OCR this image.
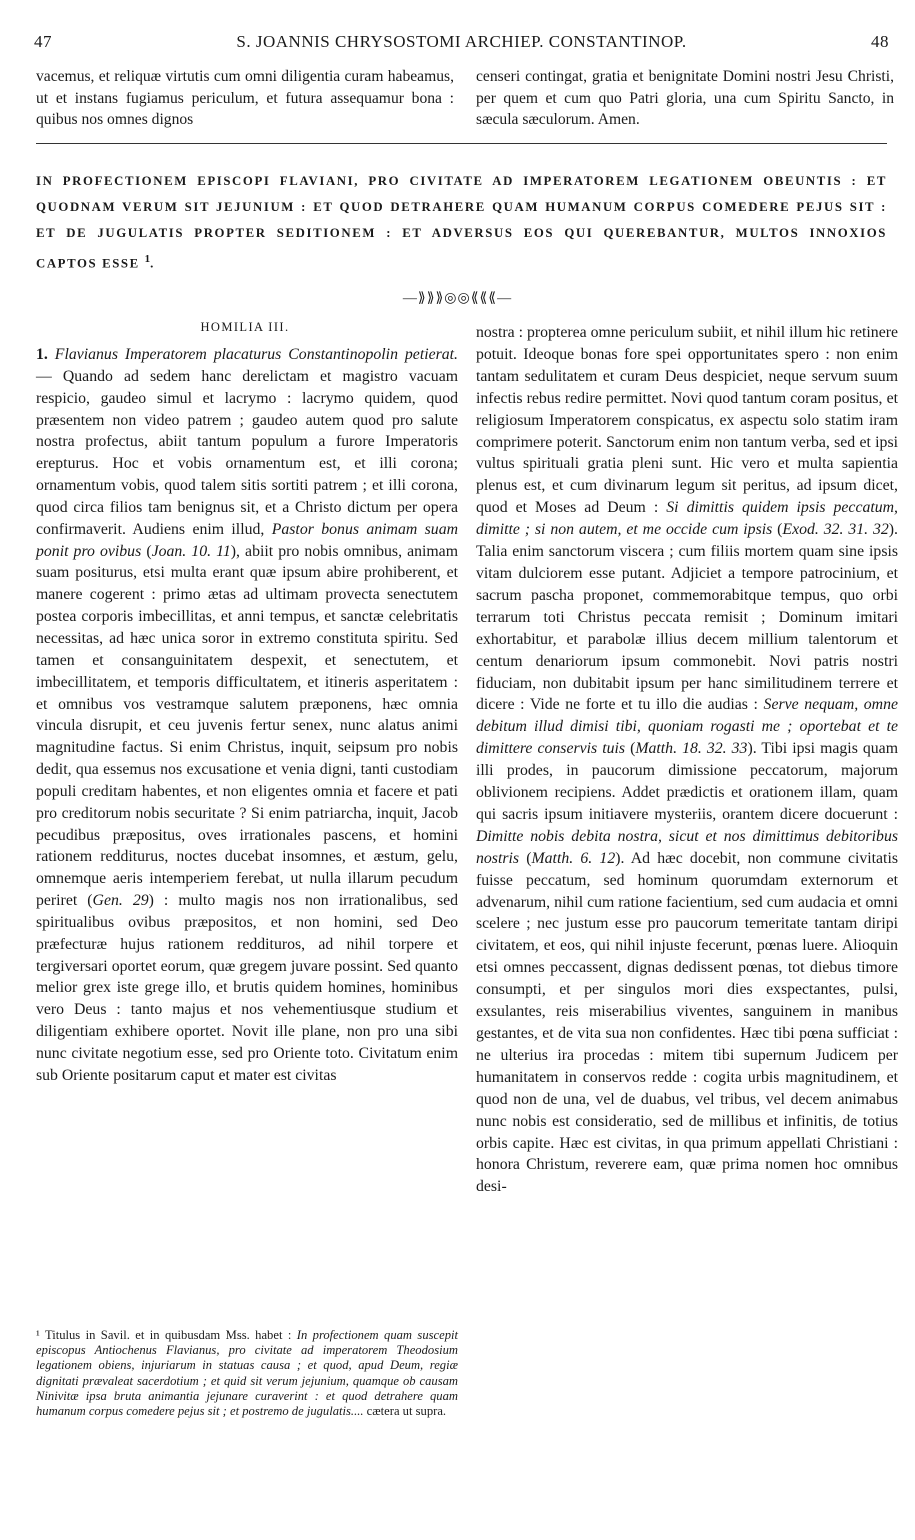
47	S. JOANNIS CHRYSOSTOMI ARCHIEP. CONSTANTINOP.	48

vacemus, et reliquæ virtutis cum omni diligentia curam habeamus, ut et instans fugiamus periculum, et futura assequamur bona : quibus nos omnes dignos

censeri contingat, gratia et benignitate Domini nostri Jesu Christi, per quem et cum quo Patri gloria, una cum Spiritu Sancto, in sæcula sæculorum. Amen.

IN PROFECTIONEM EPISCOPI FLAVIANI, PRO CIVITATE AD IMPERATOREM LEGATIONEM OBEUNTIS : ET QUODNAM VERUM SIT JEJUNIUM : ET QUOD DETRAHERE QUAM HUMANUM CORPUS COMEDERE PEJUS SIT : ET DE JUGULATIS PROPTER SEDITIONEM : ET ADVERSUS EOS QUI QUEREBANTUR, MULTOS INNOXIOS CAPTOS ESSE $^1$.
—⟫⟫⟫◎◎⟪⟪⟪—
HOMILIA III.

1. Flavianus Imperatorem placaturus Constantinopolin petierat. — Quando ad sedem hanc derelictam et magistro vacuam respicio, gaudeo simul et lacrymo : lacrymo quidem, quod præsentem non video patrem ; gaudeo autem quod pro salute nostra profectus, abiit tantum populum a furore Imperatoris erepturus. Hoc et vobis ornamentum est, et illi corona; ornamentum vobis, quod talem sitis sortiti patrem ; et illi corona, quod circa filios tam benignus sit, et a Christo dictum per opera confirmaverit. Audiens enim illud, Pastor bonus animam suam ponit pro ovibus (Joan. 10. 11), abiit pro nobis omnibus, animam suam positurus, etsi multa erant quæ ipsum abire prohiberent, et manere cogerent : primo ætas ad ultimam provecta senectutem postea corporis imbecillitas, et anni tempus, et sanctæ celebritatis necessitas, ad hæc unica soror in extremo constituta spiritu. Sed tamen et consanguinitatem despexit, et senectutem, et imbecillitatem, et temporis difficultatem, et itineris asperitatem : et omnibus vos vestramque salutem præponens, hæc omnia vincula disrupit, et ceu juvenis fertur senex, nunc alatus animi magnitudine factus. Si enim Christus, inquit, seipsum pro nobis dedit, qua essemus nos excusatione et venia digni, tanti custodiam populi creditam habentes, et non eligentes omnia et facere et pati pro creditorum nobis securitate ? Si enim patriarcha, inquit, Jacob pecudibus præpositus, oves irrationales pascens, et homini rationem redditurus, noctes ducebat insomnes, et æstum, gelu, omnemque aeris intemperiem ferebat, ut nulla illarum pecudum periret (Gen. 29) : multo magis nos non irrationalibus, sed spiritualibus ovibus præpositos, et non homini, sed Deo præfecturæ hujus rationem reddituros, ad nihil torpere et tergiversari oportet eorum, quæ gregem juvare possint. Sed quanto melior grex iste grege illo, et brutis quidem homines, hominibus vero Deus : tanto majus et nos vehementiusque studium et diligentiam exhibere oportet. Novit ille plane, non pro una sibi nunc civitate negotium esse, sed pro Oriente toto. Civitatum enim sub Oriente positarum caput et mater est civitas

nostra : propterea omne periculum subiit, et nihil illum hic retinere potuit. Ideoque bonas fore spei opportunitates spero : non enim tantam sedulitatem et curam Deus despiciet, neque servum suum infectis rebus redire permittet. Novi quod tantum coram positus, et religiosum Imperatorem conspicatus, ex aspectu solo statim iram comprimere poterit. Sanctorum enim non tantum verba, sed et ipsi vultus spirituali gratia pleni sunt. Hic vero et multa sapientia plenus est, et cum divinarum legum sit peritus, ad ipsum dicet, quod et Moses ad Deum : Si dimittis quidem ipsis peccatum, dimitte ; si non autem, et me occide cum ipsis (Exod. 32. 31. 32). Talia enim sanctorum viscera ; cum filiis mortem quam sine ipsis vitam dulciorem esse putant. Adjiciet a tempore patrocinium, et sacrum pascha proponet, commemorabitque tempus, quo orbi terrarum toti Christus peccata remisit ; Dominum imitari exhortabitur, et parabolæ illius decem millium talentorum et centum denariorum ipsum commonebit. Novi patris nostri fiduciam, non dubitabit ipsum per hanc similitudinem terrere et dicere : Vide ne forte et tu illo die audias : Serve nequam, omne debitum illud dimisi tibi, quoniam rogasti me ; oportebat et te dimittere conservis tuis (Matth. 18. 32. 33). Tibi ipsi magis quam illi prodes, in paucorum dimissione peccatorum, majorum oblivionem recipiens. Addet prædictis et orationem illam, quam qui sacris ipsum initiavere mysteriis, orantem dicere docuerunt : Dimitte nobis debita nostra, sicut et nos dimittimus debitoribus nostris (Matth. 6. 12). Ad hæc docebit, non commune civitatis fuisse peccatum, sed hominum quorumdam externorum et advenarum, nihil cum ratione facientium, sed cum audacia et omni scelere ; nec justum esse pro paucorum temeritate tantam diripi civitatem, et eos, qui nihil injuste fecerunt, pœnas luere. Alioquin etsi omnes peccassent, dignas dedissent pœnas, tot diebus timore consumpti, et per singulos mori dies exspectantes, pulsi, exsulantes, reis miserabilius viventes, sanguinem in manibus gestantes, et de vita sua non confidentes. Hæc tibi pœna sufficiat : ne ulterius ira procedas : mitem tibi supernum Judicem per humanitatem in conservos redde : cogita urbis magnitudinem, et quod non de una, vel de duabus, vel tribus, vel decem animabus nunc nobis est consideratio, sed de millibus et infinitis, de totius orbis capite. Hæc est civitas, in qua primum appellati Christiani : honora Christum, reverere eam, quæ prima nomen hoc omnibus desi-

¹ Titulus in Savil. et in quibusdam Mss. habet : In profectionem quam suscepit episcopus Antiochenus Flavianus, pro civitate ad imperatorem Theodosium legationem obiens, injuriarum in statuas causa ; et quod, apud Deum, regiæ dignitati prævaleat sacerdotium ; et quid sit verum jejunium, quamque ob causam Ninivitæ ipsa bruta animantia jejunare curaverint : et quod detrahere quam humanum corpus comedere pejus sit ; et postremo de jugulatis.... cætera ut supra.
